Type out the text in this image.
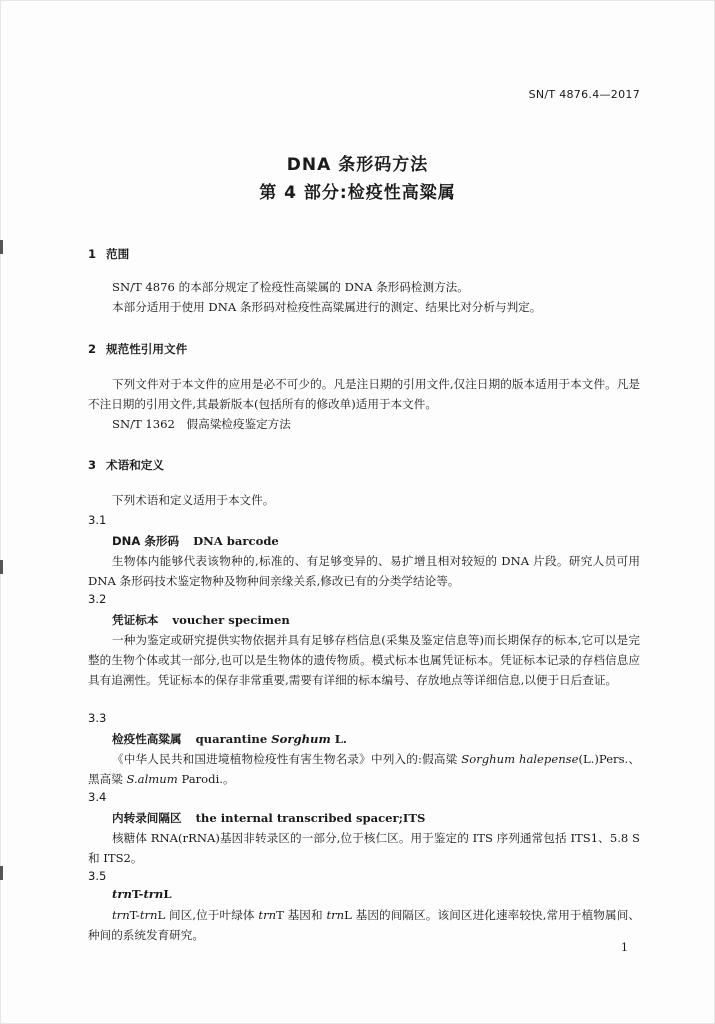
SN/T 4876.4—2017
DNA 条形码方法
第 4 部分:检疫性高粱属
1 范围

SN/T 4876 的本部分规定了检疫性高粱属的 DNA 条形码检测方法。

本部分适用于使用 DNA 条形码对检疫性高粱属进行的测定、结果比对分析与判定。

2 规范性引用文件

下列文件对于本文件的应用是必不可少的。凡是注日期的引用文件,仅注日期的版本适用于本文件。凡是不注日期的引用文件,其最新版本(包括所有的修改单)适用于本文件。

SN/T 1362　假高粱检疫鉴定方法

3 术语和定义

下列术语和定义适用于本文件。

3.1
DNA 条形码 DNA barcode

生物体内能够代表该物种的,标准的、有足够变异的、易扩增且相对较短的 DNA 片段。研究人员可用 DNA 条形码技术鉴定物种及物种间亲缘关系,修改已有的分类学结论等。

3.2
凭证标本 voucher specimen

一种为鉴定或研究提供实物依据并具有足够存档信息(采集及鉴定信息等)而长期保存的标本,它可以是完整的生物个体或其一部分,也可以是生物体的遗传物质。模式标本也属凭证标本。凭证标本记录的存档信息应具有追溯性。凭证标本的保存非常重要,需要有详细的标本编号、存放地点等详细信息,以便于日后查证。

3.3
检疫性高粱属 quarantine Sorghum L.

《中华人民共和国进境植物检疫性有害生物名录》中列入的:假高粱 Sorghum halepense(L.)Pers.、黑高粱 S.almum Parodi.。

3.4
内转录间隔区 the internal transcribed spacer;ITS

核糖体 RNA(rRNA)基因非转录区的一部分,位于核仁区。用于鉴定的 ITS 序列通常包括 ITS1、5.8 S 和 ITS2。

3.5
trnT-trnL

trnT-trnL 间区,位于叶绿体 trnT 基因和 trnL 基因的间隔区。该间区进化速率较快,常用于植物属间、种间的系统发育研究。

1
